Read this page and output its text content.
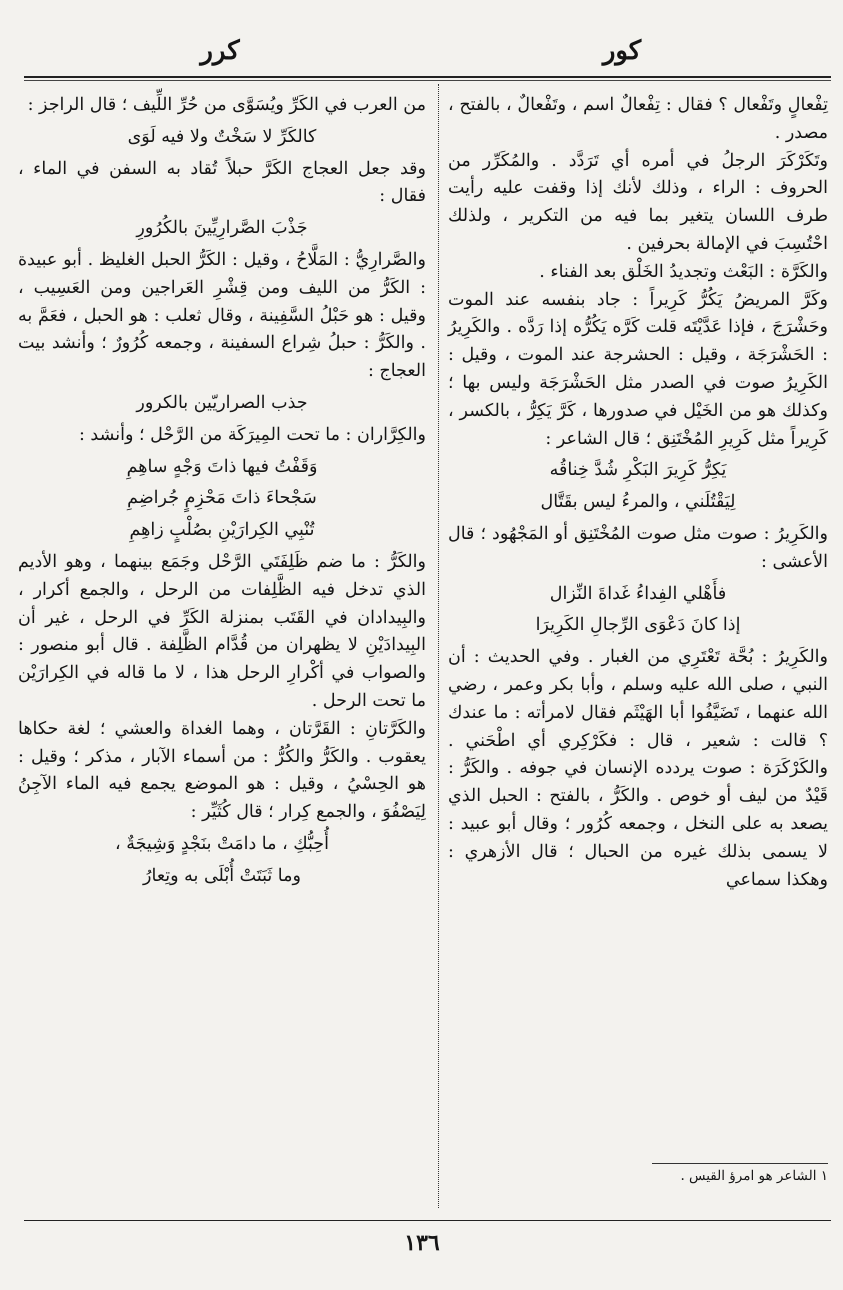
كور
كرر

تِفْعالٍ وتَفْعال ؟ فقال : تِفْعالٌ اسم ، وتَفْعالٌ ، بالفتح ، مصدر .

وتَكَرْكَرَ الرجلُ في أمره أي تَرَدَّد . والمُكَرِّر من الحروف : الراء ، وذلك لأنك إذا وقفت عليه رأيت طرف اللسان يتغير بما فيه من التكرير ، ولذلك احْتُسِبَ في الإمالة بحرفين .

والكَرَّة : البَعْث وتجديدُ الخَلْق بعد الفناء .

وكَرَّ المريضُ يَكُرُّ كَرِيراً : جاد بنفسه عند الموت وحَشْرَجَ ، فإذا عَدَّيْتَه قلت كَرَّه يَكُرُّه إذا رَدَّه . والكَرِيرُ : الحَشْرَجَة ، وقيل : الحشرجة عند الموت ، وقيل : الكَرِيرُ صوت في الصدر مثل الحَشْرَجَة وليس بها ؛ وكذلك هو من الخَيْل في صدورها ، كَرَّ يَكِرُّ ، بالكسر ، كَرِيراً مثل كَرِيرِ المُخْتَنِق ؛ قال الشاعر :

يَكِرُّ كَرِيرَ البَكْرِ شُدَّ خِناقُه

لِيَقْتُلَني ، والمرءُ ليس بقَتَّال

والكَرِيرُ : صوت مثل صوت المُخْتَنِق أو المَجْهُود ؛ قال الأعشى :

فأَهْلي الفِداءُ غَداةَ النِّزال

إذا كانَ دَعْوَى الرِّجالِ الكَرِيرَا

والكَرِيرُ : بُحَّة تَعْتَرِي من الغبار . وفي الحديث : أن النبي ، صلى الله عليه وسلم ، وأبا بكر وعمر ، رضي الله عنهما ، تَضَيَّفُوا أبا الهَيْثَم فقال لامرأته : ما عندك ؟ قالت : شعير ، قال : فكَرْكِري أي اطْحَني . والكَرْكَرَة : صوت يردده الإنسان في جوفه . والكَرُّ : قَيْدٌ من ليف أو خوص . والكَرُّ ، بالفتح : الحبل الذي يصعد به على النخل ، وجمعه كُرُور ؛ وقال أبو عبيد : لا يسمى بذلك غيره من الحبال ؛ قال الأزهري : وهكذا سماعي

١ الشاعر هو امرؤ القيس .

من العرب في الكَرِّ ويُسَوَّى من حُرِّ اللِّيف ؛ قال الراجز :

كالكَرِّ لا سَخْتٌ ولا فيه لَوَى

وقد جعل العجاج الكَرَّ حبلاً تُقاد به السفن في الماء ، فقال :

جَذْبَ الصَّرارِيِّينَ بالكُرُورِ

والصَّرارِيُّ : المَلَّاحُ ، وقيل : الكَرُّ الحبل الغليظ . أبو عبيدة : الكَرُّ من الليف ومن قِشْرِ العَراجين ومن العَسِيب ، وقيل : هو حَبْلُ السَّفِينة ، وقال ثعلب : هو الحبل ، فعَمَّ به . والكَرُّ : حبلُ شِراع السفينة ، وجمعه كُرُورٌ ؛ وأنشد بيت العجاج :

جذب الصراريّين بالكرور

والكِرَّاران : ما تحت المِيرَكَة من الرَّحْل ؛ وأنشد :

وَقَفْتُ فيها ذاتَ وَجْهٍ ساهِمِ

سَجْحاءَ ذاتَ مَحْزِمٍ جُراضِمِ

تُنْبِي الكِرارَيْنِ بصُلْبٍ زاهِمِ

والكَرُّ : ما ضم ظَلِفَتَي الرَّحْل وجَمَع بينهما ، وهو الأديم الذي تدخل فيه الظَّلِفات من الرحل ، والجمع أكرار ، والبِيدادان في القَتَب بمنزلة الكَرِّ في الرحل ، غير أن البِيدادَيْنِ لا يظهران من قُدَّام الظَّلِفة . قال أبو منصور : والصواب في أكْرارِ الرحل هذا ، لا ما قاله في الكِرارَيْن ما تحت الرحل .

والكَرَّتانِ : القَرَّتان ، وهما الغداة والعشي ؛ لغة حكاها يعقوب . والكَرُّ والكُرُّ : من أسماء الآبار ، مذكر ؛ وقيل : هو الحِسْيُ ، وقيل : هو الموضع يجمع فيه الماء الآجِنُ لِيَصْفُوَ ، والجمع كِرار ؛ قال كُثَيِّر :

أُحِبُّكِ ، ما دامَتْ بنَجْدٍ وَشِيجَةٌ ،

وما ثَبَتَتْ أُبْلَى به وتِعارُ

١٣٦
